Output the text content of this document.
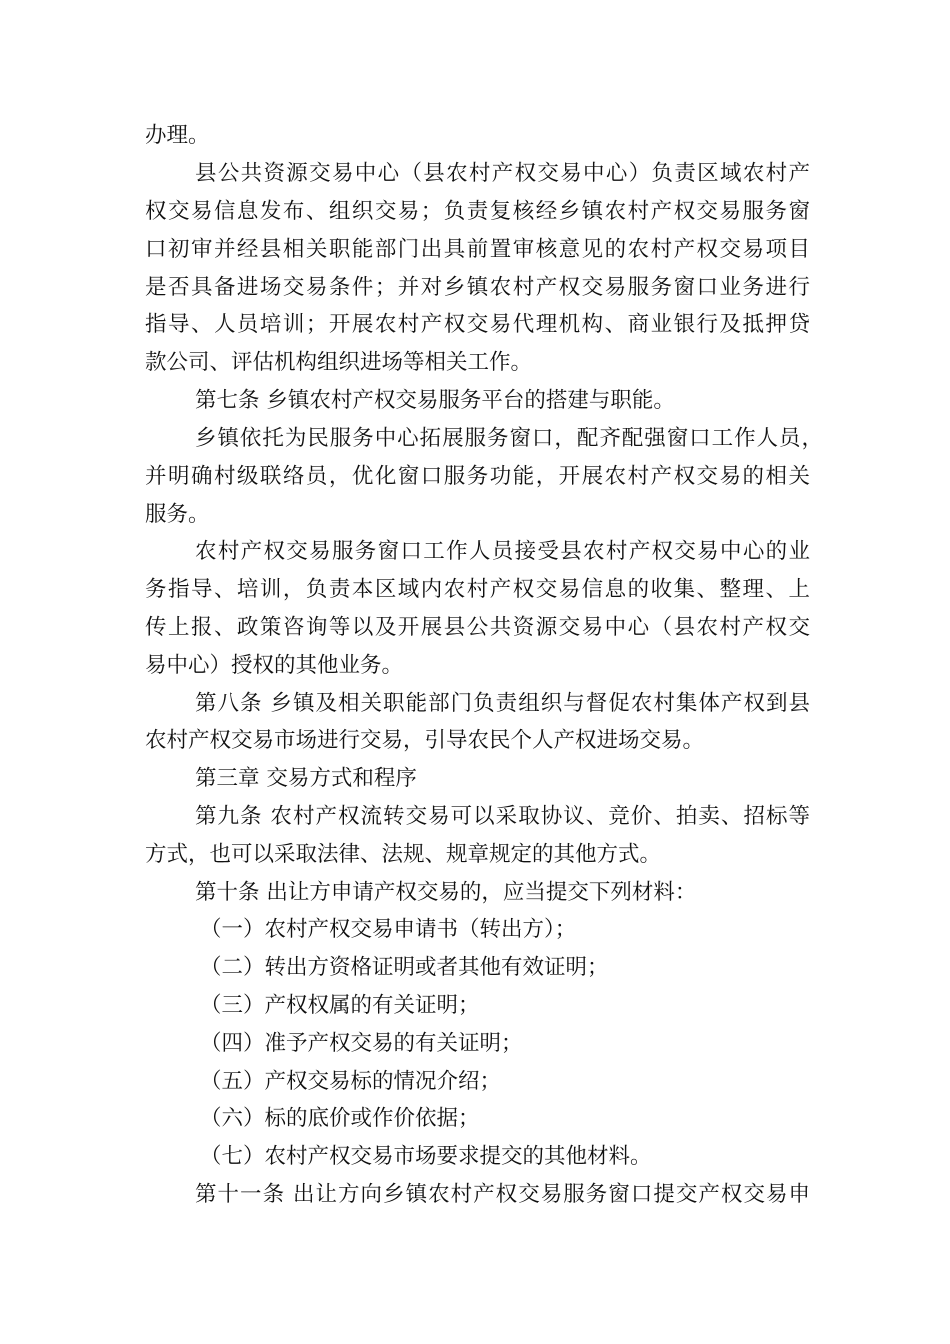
办理。
县公共资源交易中心（县农村产权交易中心）负责区域农村产
权交易信息发布、组织交易；负责复核经乡镇农村产权交易服务窗
口初审并经县相关职能部门出具前置审核意见的农村产权交易项目
是否具备进场交易条件；并对乡镇农村产权交易服务窗口业务进行
指导、人员培训；开展农村产权交易代理机构、商业银行及抵押贷
款公司、评估机构组织进场等相关工作。
第七条 乡镇农村产权交易服务平台的搭建与职能。
乡镇依托为民服务中心拓展服务窗口，配齐配强窗口工作人员，
并明确村级联络员，优化窗口服务功能，开展农村产权交易的相关
服务。
农村产权交易服务窗口工作人员接受县农村产权交易中心的业
务指导、培训，负责本区域内农村产权交易信息的收集、整理、上
传上报、政策咨询等以及开展县公共资源交易中心（县农村产权交
易中心）授权的其他业务。
第八条 乡镇及相关职能部门负责组织与督促农村集体产权到县
农村产权交易市场进行交易，引导农民个人产权进场交易。
第三章 交易方式和程序
第九条 农村产权流转交易可以采取协议、竞价、拍卖、招标等
方式，也可以采取法律、法规、规章规定的其他方式。
第十条 出让方申请产权交易的，应当提交下列材料：
（一）农村产权交易申请书（转出方）；
（二）转出方资格证明或者其他有效证明；
（三）产权权属的有关证明；
（四）准予产权交易的有关证明；
（五）产权交易标的情况介绍；
（六）标的底价或作价依据；
（七）农村产权交易市场要求提交的其他材料。
第十一条 出让方向乡镇农村产权交易服务窗口提交产权交易申
